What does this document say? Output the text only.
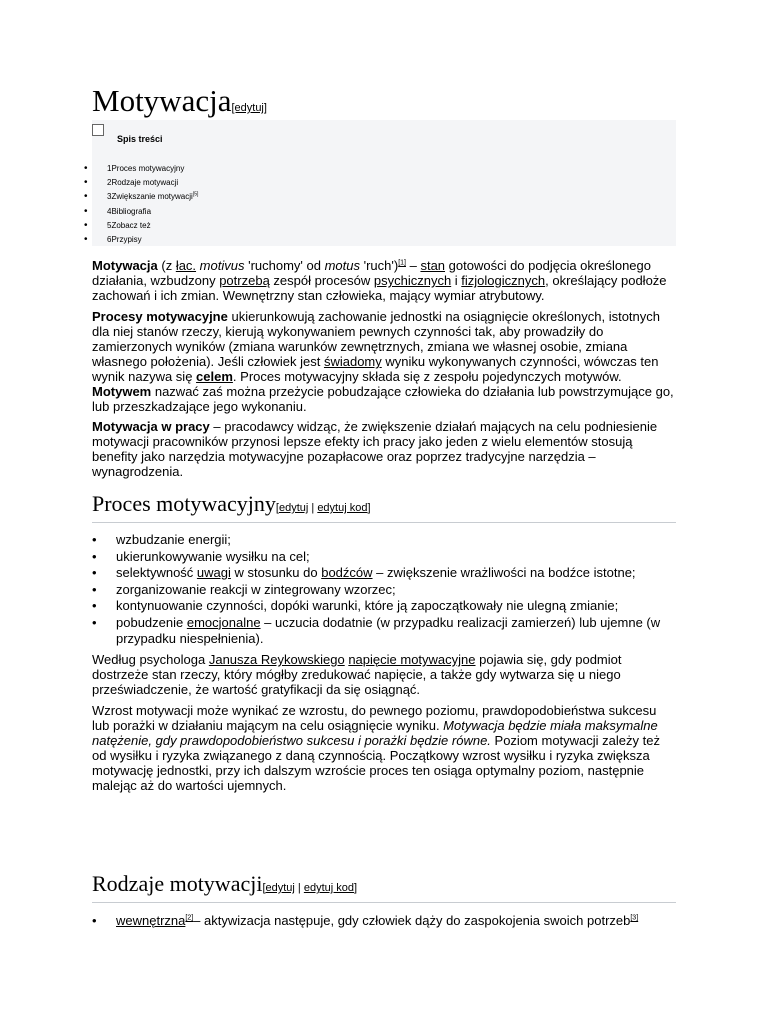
Motywacja[edytuj]
Spis treści
• 1Proces motywacyjny
• 2Rodzaje motywacji
• 3Zwiększanie motywacji[5]
• 4Bibliografia
• 5Zobacz też
• 6Przypisy

Motywacja (z łac. motivus 'ruchomy' od motus 'ruch')[1] – stan gotowości do podjęcia określonego działania, wzbudzony potrzebą zespół procesów psychicznych i fizjologicznych, określający podłoże zachowań i ich zmian. Wewnętrzny stan człowieka, mający wymiar atrybutowy.

Procesy motywacyjne ukierunkowują zachowanie jednostki na osiągnięcie określonych, istotnych dla niej stanów rzeczy, kierują wykonywaniem pewnych czynności tak, aby prowadziły do zamierzonych wyników (zmiana warunków zewnętrznych, zmiana we własnej osobie, zmiana własnego położenia). Jeśli człowiek jest świadomy wyniku wykonywanych czynności, wówczas ten wynik nazywa się celem. Proces motywacyjny składa się z zespołu pojedynczych motywów. Motywem nazwać zaś można przeżycie pobudzające człowieka do działania lub powstrzymujące go, lub przeszkadzające jego wykonaniu.

Motywacja w pracy – pracodawcy widząc, że zwiększenie działań mających na celu podniesienie motywacji pracowników przynosi lepsze efekty ich pracy jako jeden z wielu elementów stosują benefity jako narzędzia motywacyjne pozapłacowe oraz poprzez tradycyjne narzędzia – wynagrodzenia.

Proces motywacyjny[edytuj | edytuj kod]
• wzbudzanie energii;
• ukierunkowywanie wysiłku na cel;
• selektywność uwagi w stosunku do bodźców – zwiększenie wrażliwości na bodźce istotne;
• zorganizowanie reakcji w zintegrowany wzorzec;
• kontynuowanie czynności, dopóki warunki, które ją zapoczątkowały nie ulegną zmianie;
• pobudzenie emocjonalne – uczucia dodatnie (w przypadku realizacji zamierzeń) lub ujemne (w przypadku niespełnienia).

Według psychologa Janusza Reykowskiego napięcie motywacyjne pojawia się, gdy podmiot dostrzeże stan rzeczy, który mógłby zredukować napięcie, a także gdy wytwarza się u niego przeświadczenie, że wartość gratyfikacji da się osiągnąć.

Wzrost motywacji może wynikać ze wzrostu, do pewnego poziomu, prawdopodobieństwa sukcesu lub porażki w działaniu mającym na celu osiągnięcie wyniku. Motywacja będzie miała maksymalne natężenie, gdy prawdopodobieństwo sukcesu i porażki będzie równe. Poziom motywacji zależy też od wysiłku i ryzyka związanego z daną czynnością. Początkowy wzrost wysiłku i ryzyka zwiększa motywację jednostki, przy ich dalszym wzroście proces ten osiąga optymalny poziom, następnie malejąc aż do wartości ujemnych.

Rodzaje motywacji[edytuj | edytuj kod]
• wewnętrzna[2]– aktywizacja następuje, gdy człowiek dąży do zaspokojenia swoich potrzeb[3]
